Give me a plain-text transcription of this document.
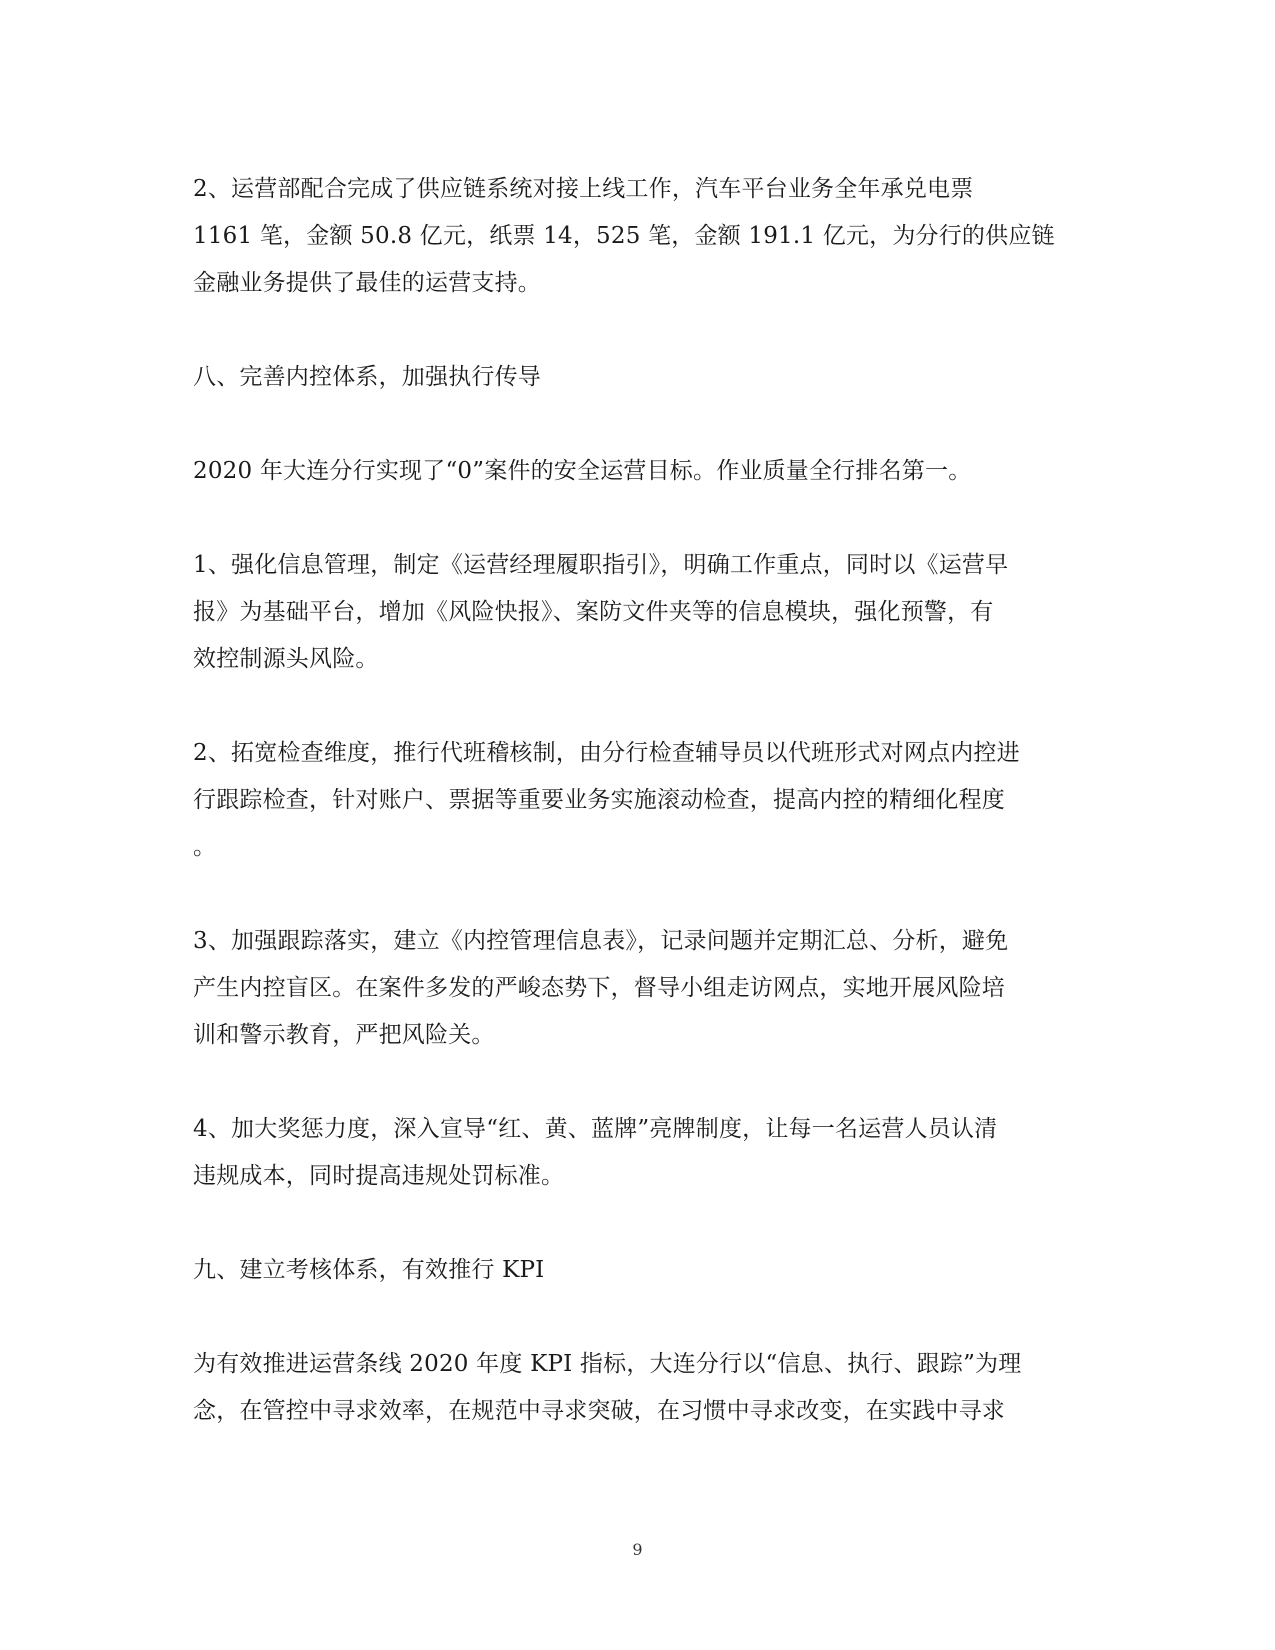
2、运营部配合完成了供应链系统对接上线工作，汽车平台业务全年承兑电票
1161 笔，金额 50.8 亿元，纸票 14，525 笔，金额 191.1 亿元，为分行的供应链
金融业务提供了最佳的运营支持。
八、完善内控体系，加强执行传导
2020 年大连分行实现了“0”案件的安全运营目标。作业质量全行排名第一。
1、强化信息管理，制定《运营经理履职指引》，明确工作重点，同时以《运营早
报》为基础平台，增加《风险快报》、案防文件夹等的信息模块，强化预警，有
效控制源头风险。
2、拓宽检查维度，推行代班稽核制，由分行检查辅导员以代班形式对网点内控进
行跟踪检查，针对账户、票据等重要业务实施滚动检查，提高内控的精细化程度
。
3、加强跟踪落实，建立《内控管理信息表》，记录问题并定期汇总、分析，避免
产生内控盲区。在案件多发的严峻态势下，督导小组走访网点，实地开展风险培
训和警示教育，严把风险关。
4、加大奖惩力度，深入宣导“红、黄、蓝牌”亮牌制度，让每一名运营人员认清
违规成本，同时提高违规处罚标准。
九、建立考核体系，有效推行 KPI
为有效推进运营条线 2020 年度 KPI 指标，大连分行以“信息、执行、跟踪”为理
念，在管控中寻求效率，在规范中寻求突破，在习惯中寻求改变，在实践中寻求
9
